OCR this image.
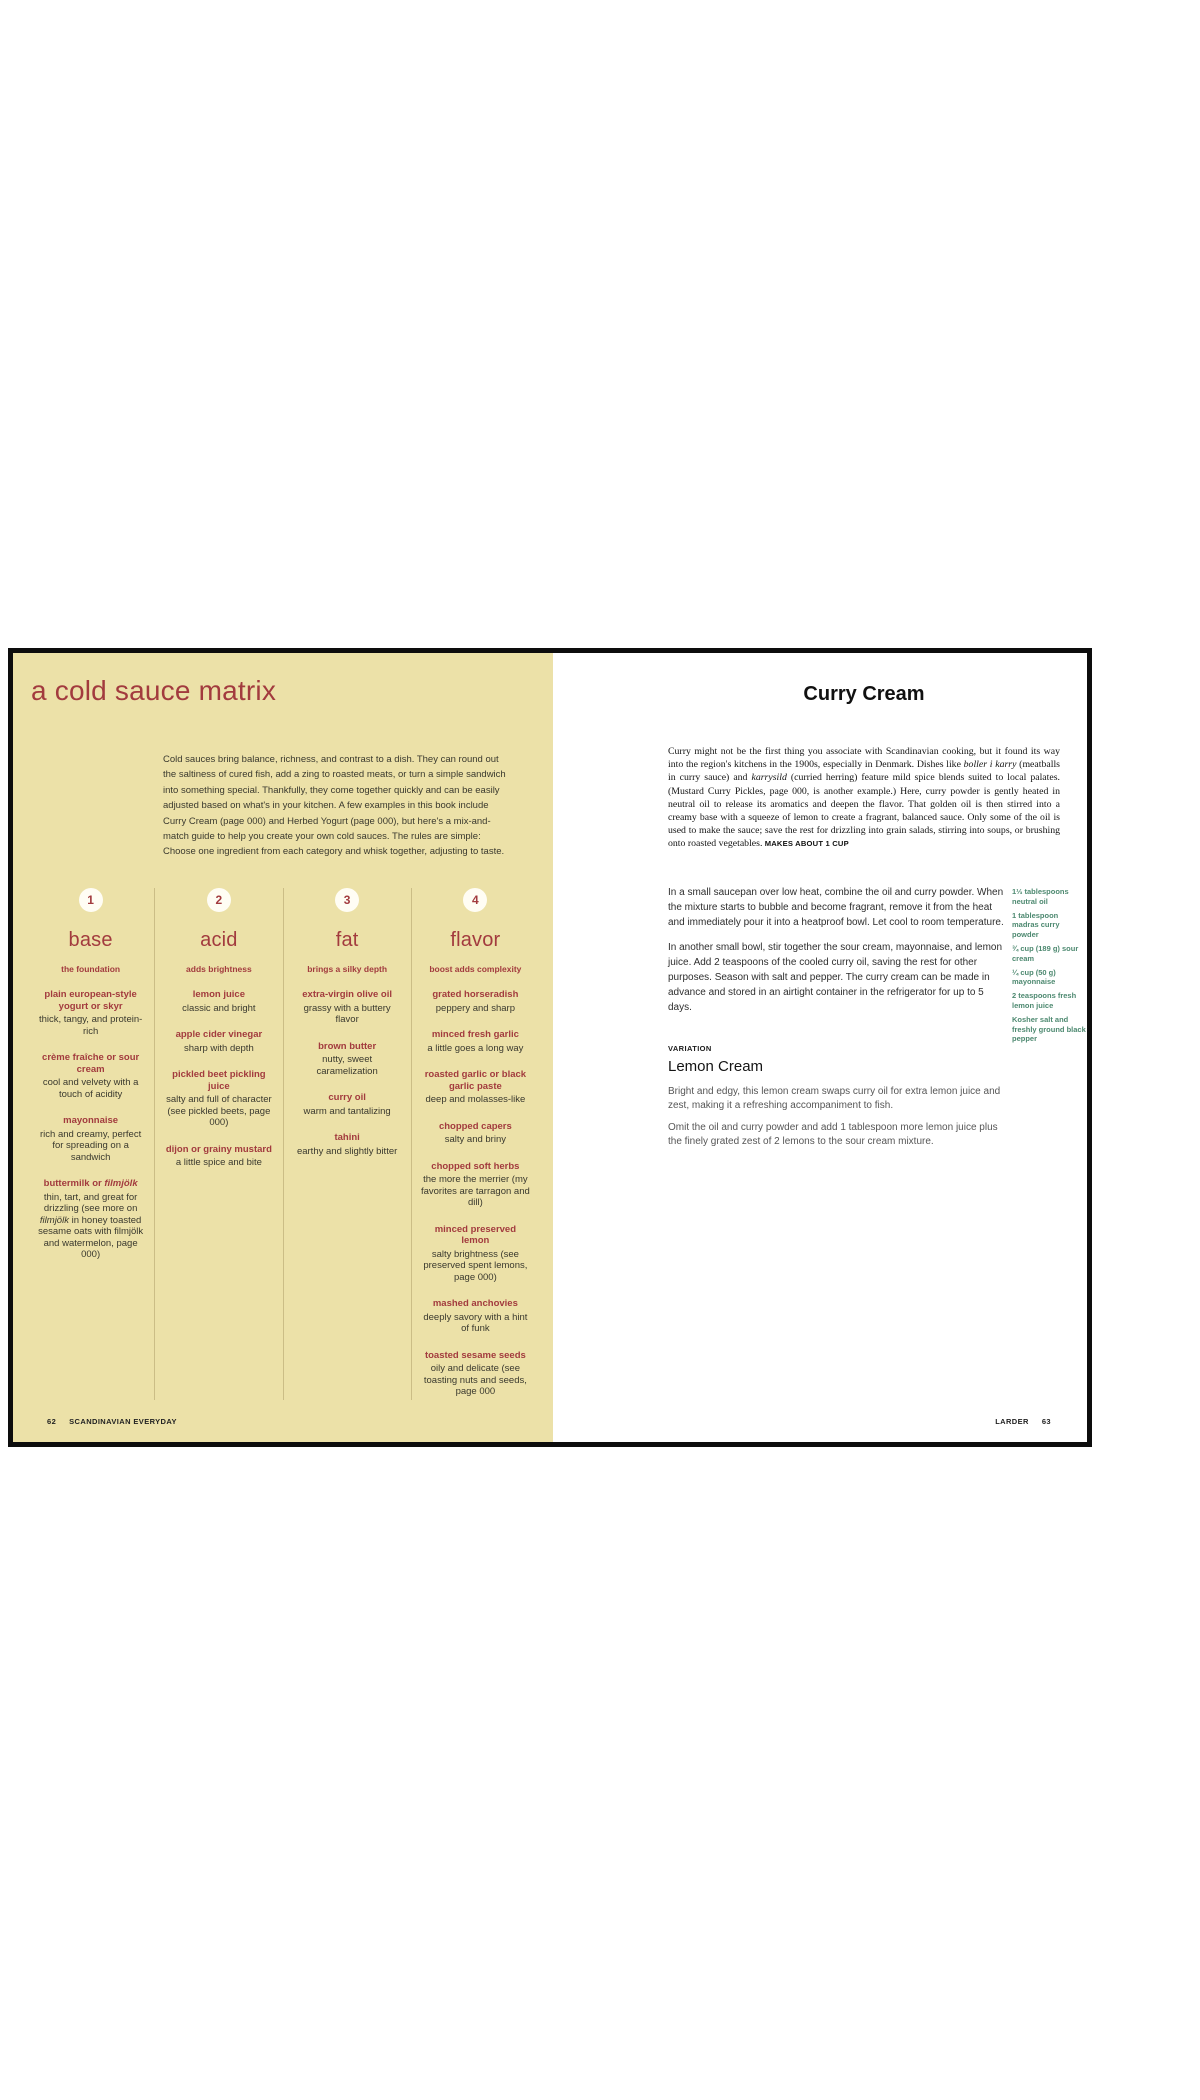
a cold sauce matrix

Cold sauces bring balance, richness, and contrast to a dish. They can round out the saltiness of cured fish, add a zing to roasted meats, or turn a simple sandwich into something special. Thankfully, they come together quickly and can be easily adjusted based on what's in your kitchen. A few examples in this book include Curry Cream (page 000) and Herbed Yogurt (page 000), but here's a mix-and-match guide to help you create your own cold sauces. The rules are simple: Choose one ingredient from each category and whisk together, adjusting to taste.

1
base
the foundation
plain european-style yogurt or skyr
thick, tangy, and protein-rich
crème fraîche or sour cream
cool and velvety with a touch of acidity
mayonnaise
rich and creamy, perfect for spreading on a sandwich
buttermilk or filmjölk
thin, tart, and great for drizzling (see more on filmjölk in honey toasted sesame oats with filmjölk and watermelon, page 000)
2
acid
adds brightness
lemon juice
classic and bright
apple cider vinegar
sharp with depth
pickled beet pickling juice
salty and full of character (see pickled beets, page 000)
dijon or grainy mustard
a little spice and bite
3
fat
brings a silky depth
extra-virgin olive oil
grassy with a buttery flavor
brown butter
nutty, sweet caramelization
curry oil
warm and tantalizing
tahini
earthy and slightly bitter
4
flavor
boost adds complexity
grated horseradish
peppery and sharp
minced fresh garlic
a little goes a long way
roasted garlic or black garlic paste
deep and molasses-like
chopped capers
salty and briny
chopped soft herbs
the more the merrier (my favorites are tarragon and dill)
minced preserved lemon
salty brightness (see preserved spent lemons, page 000)
mashed anchovies
deeply savory with a hint of funk
toasted sesame seeds
oily and delicate (see toasting nuts and seeds, page 000
62 SCANDINAVIAN EVERYDAY
Curry Cream

Curry might not be the first thing you associate with Scandinavian cooking, but it found its way into the region's kitchens in the 1900s, especially in Denmark. Dishes like boller i karry (meatballs in curry sauce) and karrysild (curried herring) feature mild spice blends suited to local palates. (Mustard Curry Pickles, page 000, is another example.) Here, curry powder is gently heated in neutral oil to release its aromatics and deepen the flavor. That golden oil is then stirred into a creamy base with a squeeze of lemon to create a fragrant, balanced sauce. Only some of the oil is used to make the sauce; save the rest for drizzling into grain salads, stirring into soups, or brushing onto roasted vegetables. MAKES ABOUT 1 CUP

In a small saucepan over low heat, combine the oil and curry powder. When the mixture starts to bubble and become fragrant, remove it from the heat and immediately pour it into a heatproof bowl. Let cool to room temperature.

In another small bowl, stir together the sour cream, mayonnaise, and lemon juice. Add 2 teaspoons of the cooled curry oil, saving the rest for other purposes. Season with salt and pepper. The curry cream can be made in advance and stored in an airtight container in the refrigerator for up to 5 days.

VARIATION
Lemon Cream

Bright and edgy, this lemon cream swaps curry oil for extra lemon juice and zest, making it a refreshing accompaniment to fish.

Omit the oil and curry powder and add 1 tablespoon more lemon juice plus the finely grated zest of 2 lemons to the sour cream mixture.

1⅓ tablespoons neutral oil

1 tablespoon madras curry powder

¾ cup (189 g) sour cream

¼ cup (50 g) mayonnaise

2 teaspoons fresh lemon juice

Kosher salt and freshly ground black pepper

LARDER 63
